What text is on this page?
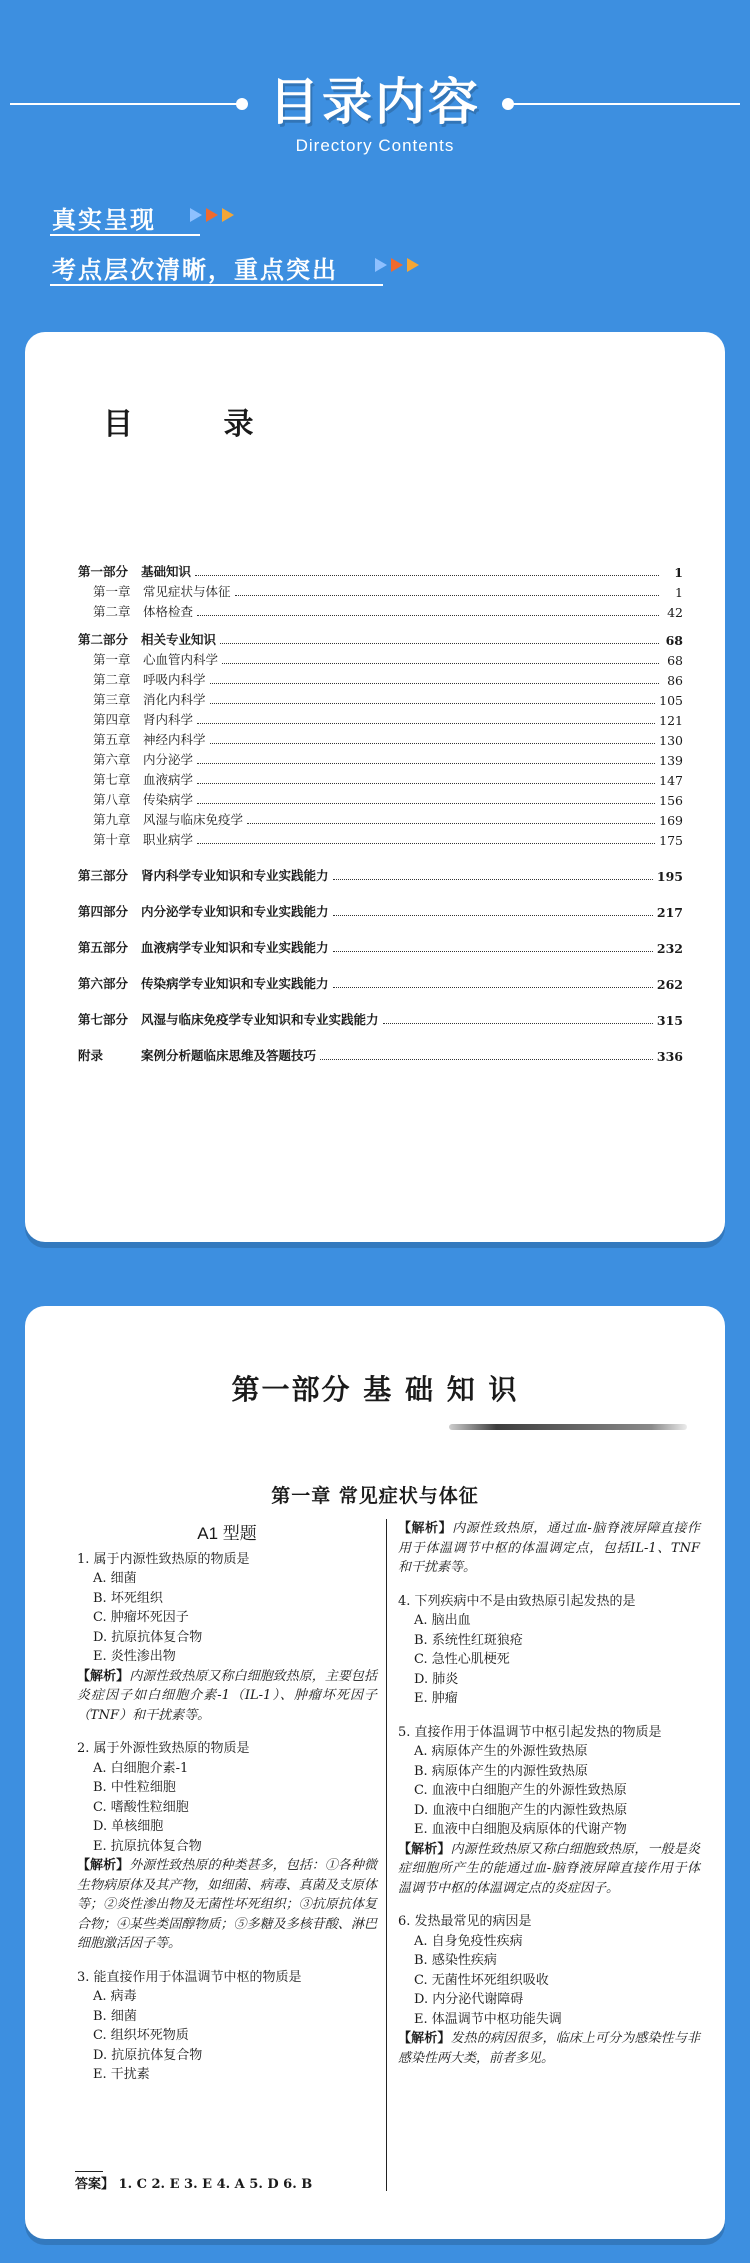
目录内容
Directory Contents
真实呈现
考点层次清晰，重点突出
目 录
第一部分 基础知识	1
第一章 常见症状与体征	1
第二章 体格检查	42
第二部分 相关专业知识	68
第一章 心血管内科学	68
第二章 呼吸内科学	86
第三章 消化内科学	105
第四章 肾内科学	121
第五章 神经内科学	130
第六章 内分泌学	139
第七章 血液病学	147
第八章 传染病学	156
第九章 风湿与临床免疫学	169
第十章 职业病学	175
第三部分 肾内科学专业知识和专业实践能力	195
第四部分 内分泌学专业知识和专业实践能力	217
第五部分 血液病学专业知识和专业实践能力	232
第六部分 传染病学专业知识和专业实践能力	262
第七部分 风湿与临床免疫学专业知识和专业实践能力	315
附录	案例分析题临床思维及答题技巧	336
第一部分 基 础 知 识
第一章 常见症状与体征
A1 型题
1. 属于内源性致热原的物质是
A. 细菌
B. 坏死组织
C. 肿瘤坏死因子
D. 抗原抗体复合物
E. 炎性渗出物
【解析】内源性致热原又称白细胞致热原，主要包括炎症因子如白细胞介素-1（IL-1）、肿瘤坏死因子（TNF）和干扰素等。
2. 属于外源性致热原的物质是
A. 白细胞介素-1
B. 中性粒细胞
C. 嗜酸性粒细胞
D. 单核细胞
E. 抗原抗体复合物
【解析】外源性致热原的种类甚多，包括：①各种微生物病原体及其产物，如细菌、病毒、真菌及支原体等；②炎性渗出物及无菌性坏死组织；③抗原抗体复合物；④某些类固醇物质；⑤多糖及多核苷酸、淋巴细胞激活因子等。
3. 能直接作用于体温调节中枢的物质是
A. 病毒
B. 细菌
C. 组织坏死物质
D. 抗原抗体复合物
E. 干扰素
【解析】内源性致热原，通过血-脑脊液屏障直接作用于体温调节中枢的体温调定点，包括IL-1、TNF和干扰素等。
4. 下列疾病中不是由致热原引起发热的是
A. 脑出血
B. 系统性红斑狼疮
C. 急性心肌梗死
D. 肺炎
E. 肿瘤
5. 直接作用于体温调节中枢引起发热的物质是
A. 病原体产生的外源性致热原
B. 病原体产生的内源性致热原
C. 血液中白细胞产生的外源性致热原
D. 血液中白细胞产生的内源性致热原
E. 血液中白细胞及病原体的代谢产物
【解析】内源性致热原又称白细胞致热原，一般是炎症细胞所产生的能通过血-脑脊液屏障直接作用于体温调节中枢的体温调定点的炎症因子。
6. 发热最常见的病因是
A. 自身免疫性疾病
B. 感染性疾病
C. 无菌性坏死组织吸收
D. 内分泌代谢障碍
E. 体温调节中枢功能失调
【解析】发热的病因很多，临床上可分为感染性与非感染性两大类，前者多见。
答案】 1. C 2. E 3. E 4. A 5. D 6. B
